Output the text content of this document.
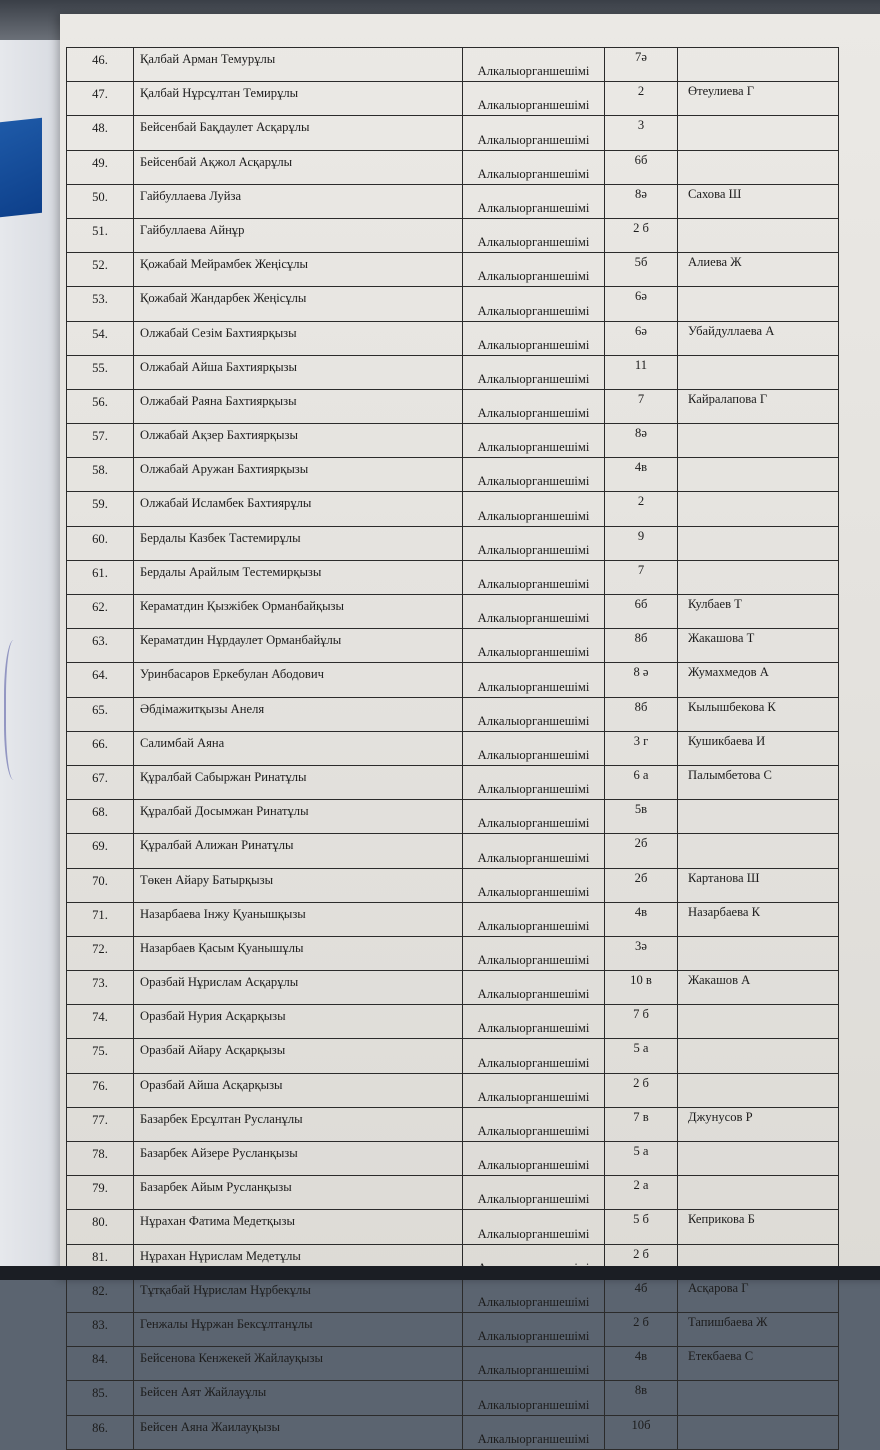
46.	Қалбай Арман Темурұлы	Алкалыорганшешімі	7ә	
47.	Қалбай Нұрсұлтан Темирұлы	Алкалыорганшешімі	2	Өтеулиева Г
48.	Бейсенбай Бақдаулет Асқарұлы	Алкалыорганшешімі	3	
49.	Бейсенбай Ақжол Асқарұлы	Алкалыорганшешімі	6б	
50.	Гайбуллаева Луйза	Алкалыорганшешімі	8ә	Сахова Ш
51.	Гайбуллаева Айнұр	Алкалыорганшешімі	2 б	
52.	Қожабай Мейрамбек Жеңісұлы	Алкалыорганшешімі	5б	Алиева Ж
53.	Қожабай Жандарбек Жеңісұлы	Алкалыорганшешімі	6ә	
54.	Олжабай Сезім Бахтиярқызы	Алкалыорганшешімі	6ә	Убайдуллаева А
55.	Олжабай Айша Бахтиярқызы	Алкалыорганшешімі	11	
56.	Олжабай Раяна Бахтиярқызы	Алкалыорганшешімі	7	Кайралапова Г
57.	Олжабай Ақзер Бахтиярқызы	Алкалыорганшешімі	8ә	
58.	Олжабай Аружан Бахтиярқызы	Алкалыорганшешімі	4в	
59.	Олжабай Исламбек Бахтиярұлы	Алкалыорганшешімі	2	
60.	Бердалы Казбек Тастемирұлы	Алкалыорганшешімі	9	
61.	Бердалы Арайлым Тестемирқызы	Алкалыорганшешімі	7	
62.	Кераматдин Қызжібек Орманбайқызы	Алкалыорганшешімі	6б	Кулбаев Т
63.	Кераматдин Нұрдаулет Орманбайұлы	Алкалыорганшешімі	8б	Жакашова Т
64.	Уринбасаров Еркебулан Абодович	Алкалыорганшешімі	8 ә	Жумахмедов А
65.	Әбдімажитқызы Анеля	Алкалыорганшешімі	8б	Кылышбекова К
66.	Салимбай Аяна	Алкалыорганшешімі	3 г	Кушикбаева И
67.	Құралбай Сабыржан Ринатұлы	Алкалыорганшешімі	6 а	Палымбетова С
68.	Құралбай Досымжан Ринатұлы	Алкалыорганшешімі	5в	
69.	Құралбай Алижан Ринатұлы	Алкалыорганшешімі	2б	
70.	Төкен Айару Батырқызы	Алкалыорганшешімі	2б	Картанова Ш
71.	Назарбаева Інжу Қуанышқызы	Алкалыорганшешімі	4в	Назарбаева К
72.	Назарбаев Қасым Қуанышұлы	Алкалыорганшешімі	3ә	
73.	Оразбай Нұрислам Асқарұлы	Алкалыорганшешімі	10 в	Жакашов А
74.	Оразбай Нурия Асқарқызы	Алкалыорганшешімі	7 б	
75.	Оразбай Айару Асқарқызы	Алкалыорганшешімі	5 а	
76.	Оразбай Айша Асқарқызы	Алкалыорганшешімі	2 б	
77.	Базарбек Ерсұлтан Русланұлы	Алкалыорганшешімі	7 в	Джунусов Р
78.	Базарбек Айзере Русланқызы	Алкалыорганшешімі	5 а	
79.	Базарбек Айым Русланқызы	Алкалыорганшешімі	2 а	
80.	Нұрахан Фатима Медетқызы	Алкалыорганшешімі	5 б	Кеприкова Б
81.	Нұрахан Нұрислам Медетұлы		2 б	
82.	Тұтқабай Нұрислам Нұрбекұлы	Алкалыорганшешімі	4б	Асқарова Г
83.	Генжалы Нұржан Бексұлтанұлы	Алкалыорганшешімі	2 б	Тапишбаева Ж
84.	Бейсенова Кенжекей Жайлауқызы	Алкалыорганшешімі	4в	Етекбаева С
85.	Бейсен Аят Жайлауұлы	Алкалыорганшешімі	8в	
86.	Бейсен Аяна Жаилауқызы	Алкалыорганшешімі	10б	
